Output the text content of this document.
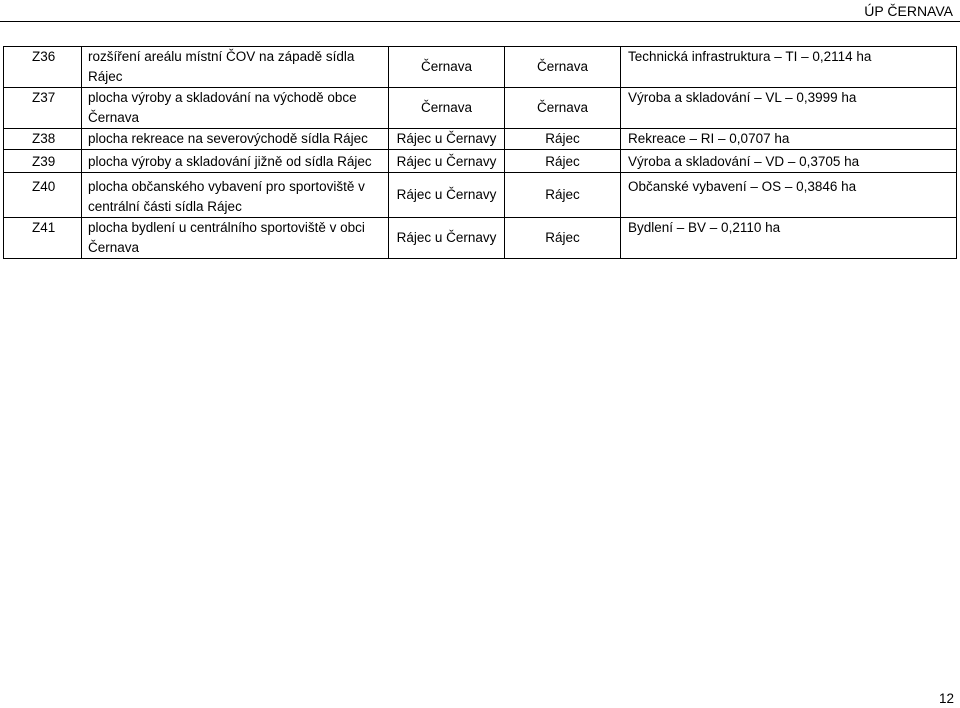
ÚP ČERNAVA
Z36	rozšíření areálu místní ČOV na západě sídla Rájec	Černava	Černava	Technická infrastruktura – TI – 0,2114 ha
Z37	plocha výroby a skladování na východě obce Černava	Černava	Černava	Výroba a skladování – VL – 0,3999 ha
Z38	plocha rekreace na severovýchodě sídla Rájec	Rájec u Černavy	Rájec	Rekreace – RI – 0,0707 ha
Z39	plocha výroby a skladování jižně od sídla Rájec	Rájec u Černavy	Rájec	Výroba a skladování – VD – 0,3705 ha
Z40	plocha občanského vybavení pro sportoviště v centrální části sídla Rájec	Rájec u Černavy	Rájec	Občanské vybavení – OS – 0,3846 ha
Z41	plocha bydlení u centrálního sportoviště v obci Černava	Rájec u Černavy	Rájec	Bydlení – BV – 0,2110 ha
12
